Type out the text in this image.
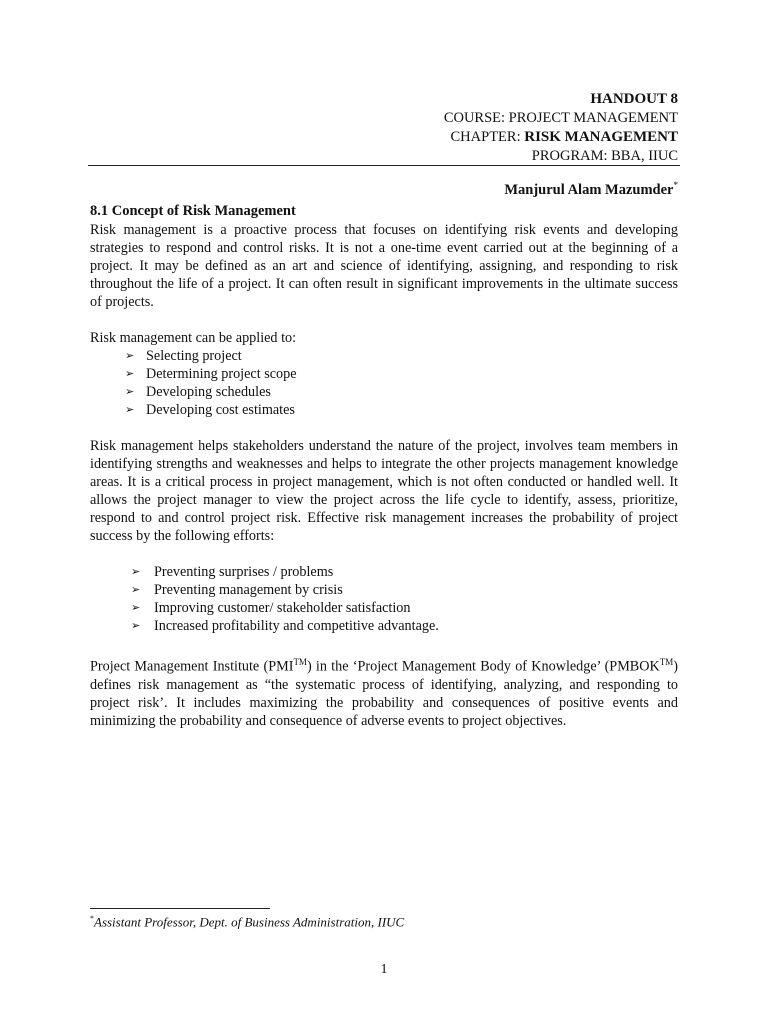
HANDOUT 8
COURSE: PROJECT MANAGEMENT
CHAPTER: RISK MANAGEMENT
PROGRAM: BBA, IIUC
Manjurul Alam Mazumder*
8.1 Concept of Risk Management

Risk management is a proactive process that focuses on identifying risk events and developing strategies to respond and control risks. It is not a one-time event carried out at the beginning of a project. It may be defined as an art and science of identifying, assigning, and responding to risk throughout the life of a project. It can often result in significant improvements in the ultimate success of projects.

Risk management can be applied to:

➢ Selecting project
➢ Determining project scope
➢ Developing schedules
➢ Developing cost estimates

Risk management helps stakeholders understand the nature of the project, involves team members in identifying strengths and weaknesses and helps to integrate the other projects management knowledge areas. It is a critical process in project management, which is not often conducted or handled well. It allows the project manager to view the project across the life cycle to identify, assess, prioritize, respond to and control project risk. Effective risk management increases the probability of project success by the following efforts:

➢ Preventing surprises / problems
➢ Preventing management by crisis
➢ Improving customer/ stakeholder satisfaction
➢ Increased profitability and competitive advantage.

Project Management Institute (PMI™) in the ‘Project Management Body of Knowledge’ (PMBOK™) defines risk management as “the systematic process of identifying, analyzing, and responding to project risk’. It includes maximizing the probability and consequences of positive events and minimizing the probability and consequence of adverse events to project objectives.

*Assistant Professor, Dept. of Business Administration, IIUC
1
